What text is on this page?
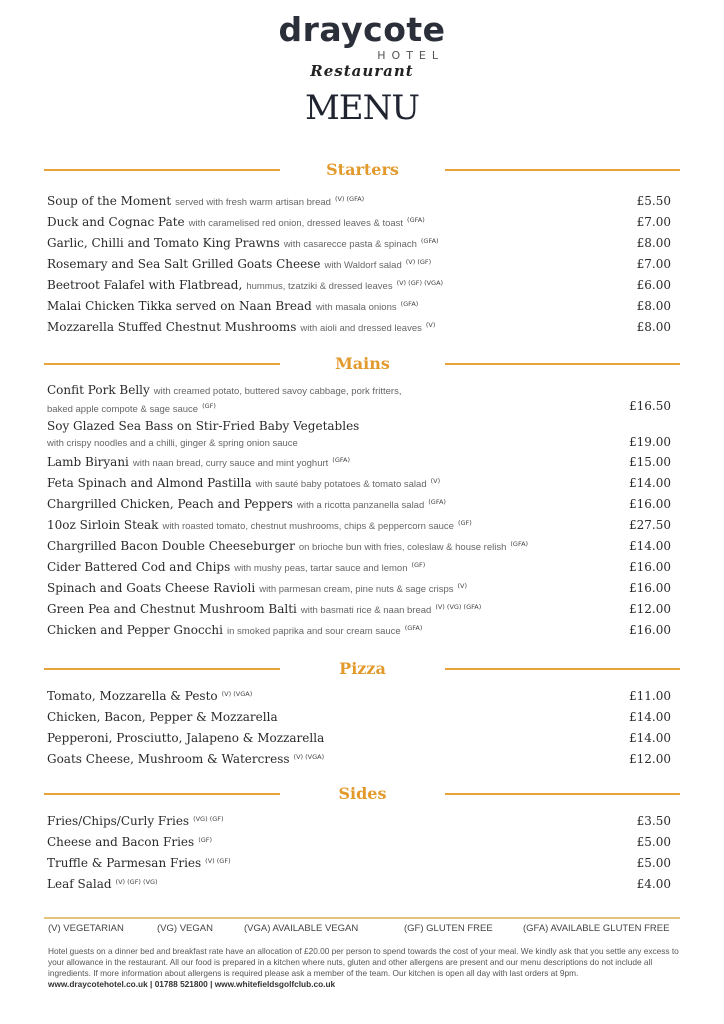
draycote
HOTEL
Restaurant
MENU
Starters
Soup of the Moment served with fresh warm artisan bread $^{(V) (GFA)}$	£5.50
Duck and Cognac Pate with caramelised red onion, dressed leaves & toast $^{(GFA)}$	£7.00
Garlic, Chilli and Tomato King Prawns with casarecce pasta & spinach $^{(GFA)}$	£8.00
Rosemary and Sea Salt Grilled Goats Cheese with Waldorf salad $^{(V) (GF)}$	£7.00
Beetroot Falafel with Flatbread, hummus, tzatziki & dressed leaves $^{(V) (GF) (VGA)}$	£6.00
Malai Chicken Tikka served on Naan Bread with masala onions $^{(GFA)}$	£8.00
Mozzarella Stuffed Chestnut Mushrooms with aioli and dressed leaves $^{(V)}$	£8.00
Mains
Confit Pork Belly with creamed potato, buttered savoy cabbage, pork fritters,
baked apple compote & sage sauce $^{(GF)}$	£16.50
Soy Glazed Sea Bass on Stir-Fried Baby Vegetables
with crispy noodles and a chilli, ginger & spring onion sauce	£19.00
Lamb Biryani with naan bread, curry sauce and mint yoghurt $^{(GFA)}$	£15.00
Feta Spinach and Almond Pastilla with sauté baby potatoes & tomato salad $^{(V)}$	£14.00
Chargrilled Chicken, Peach and Peppers with a ricotta panzanella salad $^{(GFA)}$	£16.00
10oz Sirloin Steak with roasted tomato, chestnut mushrooms, chips & peppercorn sauce $^{(GF)}$	£27.50
Chargrilled Bacon Double Cheeseburger on brioche bun with fries, coleslaw & house relish $^{(GFA)}$	£14.00
Cider Battered Cod and Chips with mushy peas, tartar sauce and lemon $^{(GF)}$	£16.00
Spinach and Goats Cheese Ravioli with parmesan cream, pine nuts & sage crisps $^{(V)}$	£16.00
Green Pea and Chestnut Mushroom Balti with basmati rice & naan bread $^{(V) (VG) (GFA)}$	£12.00
Chicken and Pepper Gnocchi in smoked paprika and sour cream sauce $^{(GFA)}$	£16.00
Pizza
Tomato, Mozzarella & Pesto $^{(V) (VGA)}$	£11.00
Chicken, Bacon, Pepper & Mozzarella	£14.00
Pepperoni, Prosciutto, Jalapeno & Mozzarella	£14.00
Goats Cheese, Mushroom & Watercress $^{(V) (VGA)}$	£12.00
Sides
Fries/Chips/Curly Fries $^{(VG) (GF)}$	£3.50
Cheese and Bacon Fries $^{(GF)}$	£5.00
Truffle & Parmesan Fries $^{(V) (GF)}$	£5.00
Leaf Salad $^{(V) (GF) (VG)}$	£4.00
(V) VEGETARIAN	(VG) VEGAN	(VGA) AVAILABLE VEGAN	(GF) GLUTEN FREE	(GFA) AVAILABLE GLUTEN FREE
Hotel guests on a dinner bed and breakfast rate have an allocation of £20.00 per person to spend towards the cost of your meal. We kindly ask that you settle any excess to your allowance in the restaurant. All our food is prepared in a kitchen where nuts, gluten and other allergens are present and our menu descriptions do not include all ingredients. If more information about allergens is required please ask a member of the team. Our kitchen is open all day with last orders at 9pm. www.draycotehotel.co.uk | 01788 521800 | www.whitefieldsgolfclub.co.uk
